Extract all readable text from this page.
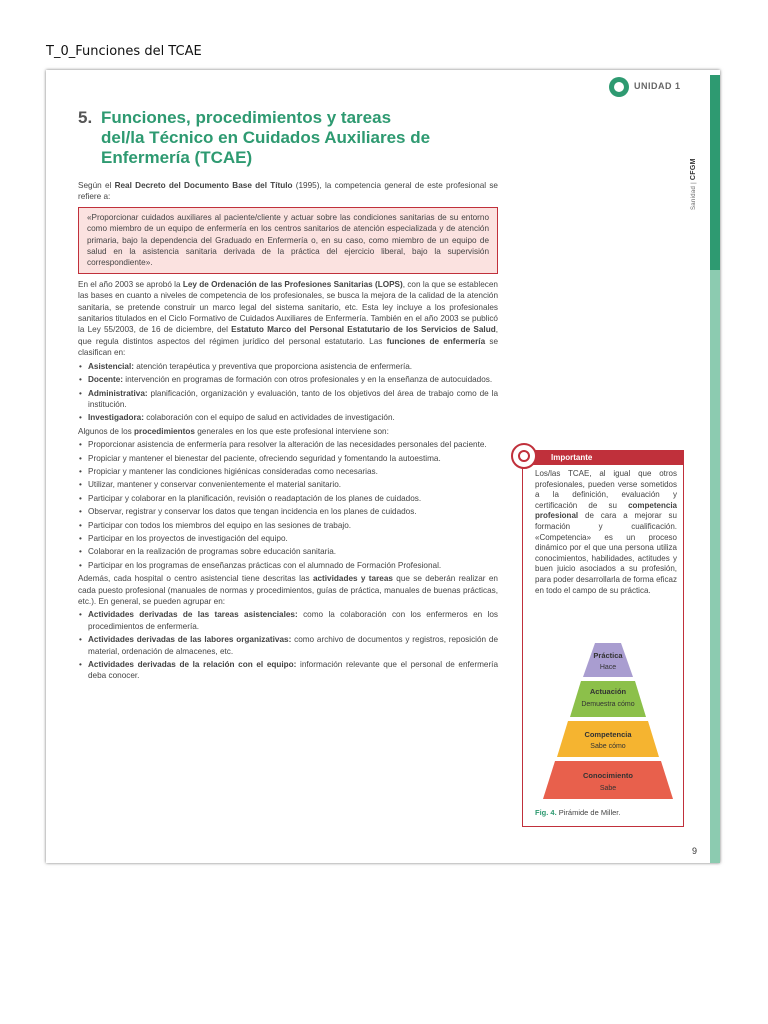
T_0_Funciones del TCAE
Sanidad | CFGM
UNIDAD 1
5. Funciones, procedimientos y tareas del/la Técnico en Cuidados Auxiliares de Enfermería (TCAE)

Según el Real Decreto del Documento Base del Título (1995), la competencia general de este profesional se refiere a:

«Proporcionar cuidados auxiliares al paciente/cliente y actuar sobre las condiciones sanitarias de su entorno como miembro de un equipo de enfermería en los centros sanitarios de atención especializada y de atención primaria, bajo la dependencia del Graduado en Enfermería o, en su caso, como miembro de un equipo de salud en la asistencia sanitaria derivada de la práctica del ejercicio liberal, bajo la supervisión correspondiente».

En el año 2003 se aprobó la Ley de Ordenación de las Profesiones Sanitarias (LOPS), con la que se establecen las bases en cuanto a niveles de competencia de los profesionales, se busca la mejora de la calidad de la atención sanitaria, se pretende construir un marco legal del sistema sanitario, etc. Esta ley incluye a los profesionales sanitarios titulados en el Ciclo Formativo de Cuidados Auxiliares de Enfermería. También en el año 2003 se publicó la Ley 55/2003, de 16 de diciembre, del Estatuto Marco del Personal Estatutario de los Servicios de Salud, que regula distintos aspectos del régimen jurídico del personal estatutario. Las funciones de enfermería se clasifican en:

• Asistencial: atención terapéutica y preventiva que proporciona asistencia de enfermería.
• Docente: intervención en programas de formación con otros profesionales y en la enseñanza de autocuidados.
• Administrativa: planificación, organización y evaluación, tanto de los objetivos del área de trabajo como de la institución.
• Investigadora: colaboración con el equipo de salud en actividades de investigación.

Algunos de los procedimientos generales en los que este profesional interviene son:

• Proporcionar asistencia de enfermería para resolver la alteración de las necesidades personales del paciente.
• Propiciar y mantener el bienestar del paciente, ofreciendo seguridad y fomentando la autoestima.
• Propiciar y mantener las condiciones higiénicas consideradas como necesarias.
• Utilizar, mantener y conservar convenientemente el material sanitario.
• Participar y colaborar en la planificación, revisión o readaptación de los planes de cuidados.
• Observar, registrar y conservar los datos que tengan incidencia en los planes de cuidados.
• Participar con todos los miembros del equipo en las sesiones de trabajo.
• Participar en los proyectos de investigación del equipo.
• Colaborar en la realización de programas sobre educación sanitaria.
• Participar en los programas de enseñanzas prácticas con el alumnado de Formación Profesional.

Además, cada hospital o centro asistencial tiene descritas las actividades y tareas que se deberán realizar en cada puesto profesional (manuales de normas y procedimientos, guías de práctica, manuales de buenas prácticas, etc.). En general, se pueden agrupar en:

• Actividades derivadas de las tareas asistenciales: como la colaboración con los enfermeros en los procedimientos de enfermería.
• Actividades derivadas de las labores organizativas: como archivo de documentos y registros, reposición de material, ordenación de almacenes, etc.
• Actividades derivadas de la relación con el equipo: información relevante que el personal de enfermería deba conocer.
Importante
Los/las TCAE, al igual que otros profesionales, pueden verse sometidos a la definición, evaluación y certificación de su competencia profesional de cara a mejorar su formación y cualificación. «Competencia» es un proceso dinámico por el que una persona utiliza conocimientos, habilidades, actitudes y buen juicio asociados a su profesión, para poder desarrollarla de forma eficaz en todo el campo de su práctica.
Práctica
Hace
Actuación
Demuestra cómo
Competencia
Sabe cómo
Conocimiento
Sabe
Fig. 4. Pirámide de Miller.
9
